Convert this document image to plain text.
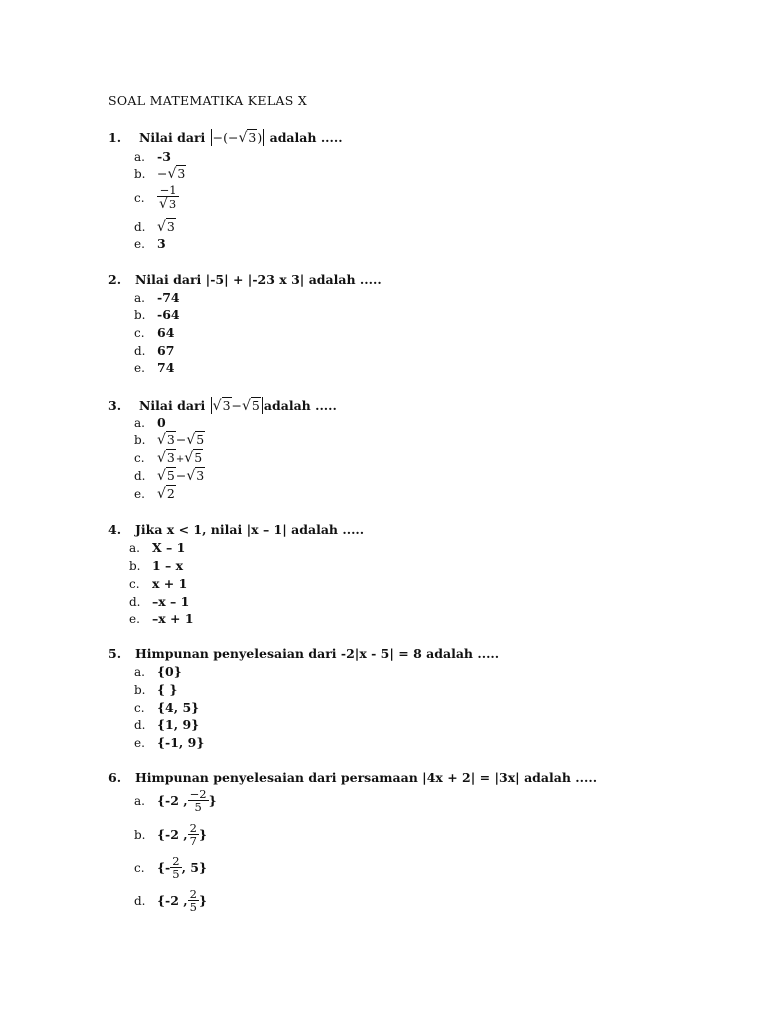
SOAL MATEMATIKA KELAS X
1. Nilai dari −(−√3) adalah .....
a. -3
b. −√3
c. $\frac{-1}{√3}$
d. √3
e. 3
2. Nilai dari |-5| + |-23 x 3| adalah .....
a. -74
b. -64
c. 64
d. 67
e. 74
3. Nilai dari √3−√5 adalah .....
a. 0
b. √3−√5
c. √3+√5
d. √5−√3
e. √2
4. Jika x < 1, nilai |x – 1| adalah .....
a. X – 1
b. 1 – x
c. x + 1
d. –x – 1
e. –x + 1
5. Himpunan penyelesaian dari -2|x - 5| = 8 adalah .....
a. {0}
b. { }
c. {4, 5}
d. {1, 9}
e. {-1, 9}
6. Himpunan penyelesaian dari persamaan |4x + 2| = |3x| adalah .....
a. {-2 , $\frac{-2}{5}$ }
b. {-2 , $\frac{2}{7}$ }
c. {- $\frac{2}{5}$ , 5}
d. {-2 , $\frac{2}{5}$ }
